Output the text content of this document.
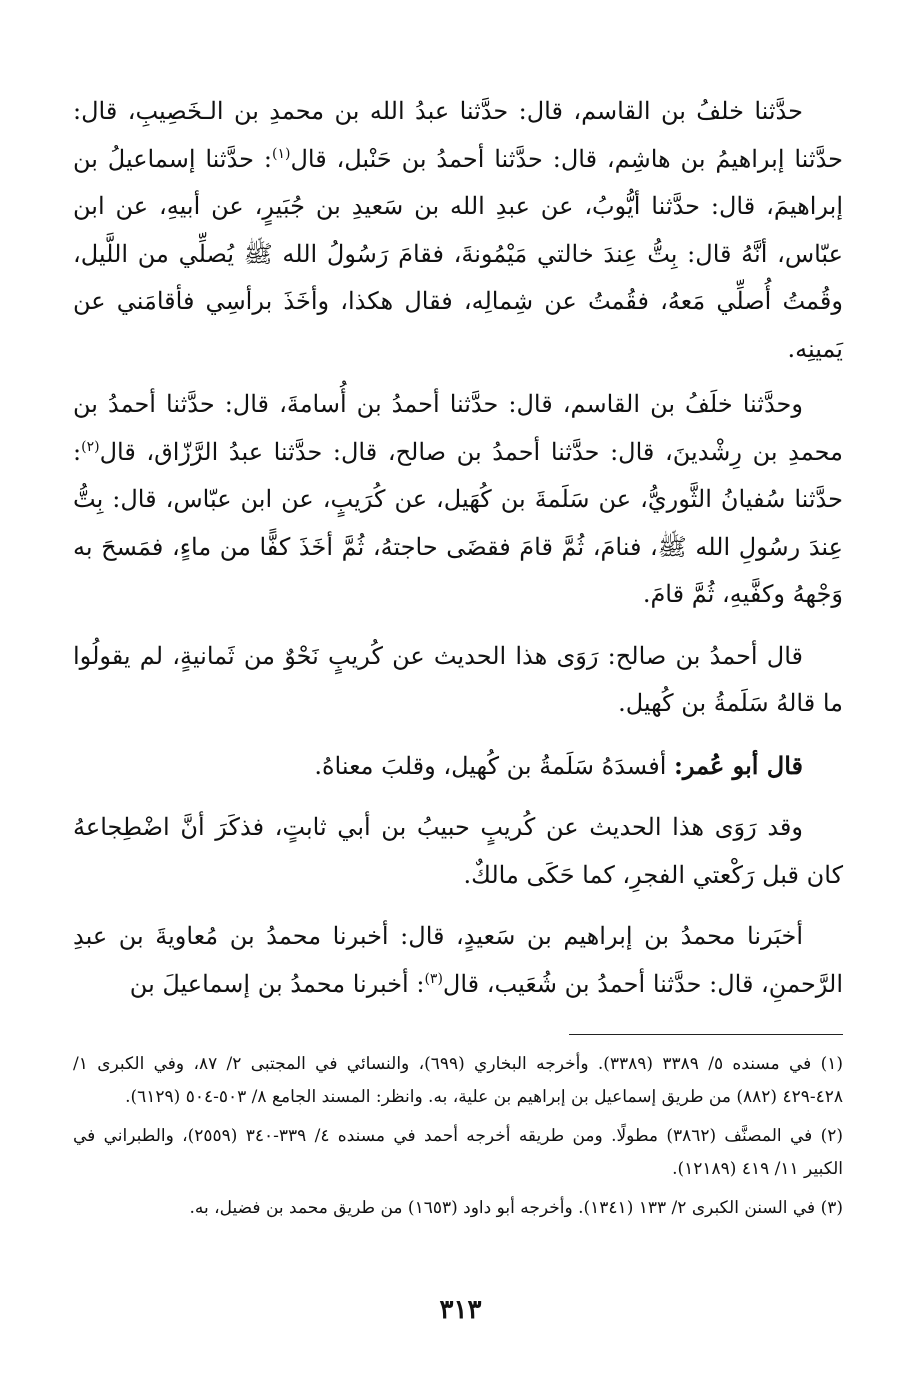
حدَّثنا خلفُ بن القاسم، قال: حدَّثنا عبدُ الله بن محمدِ بن الـخَصِيبِ، قال: حدَّثنا إبراهيمُ بن هاشِم، قال: حدَّثنا أحمدُ بن حَنْبل، قال$^{(١)}$: حدَّثنا إسماعيلُ بن إبراهيمَ، قال: حدَّثنا أيُّوبُ، عن عبدِ الله بن سَعيدِ بن جُبَيرٍ، عن أبيهِ، عن ابن عبّاس، أنَّهُ قال: بِتُّ عِندَ خالتي مَيْمُونةَ، فقامَ رَسُولُ الله ﷺ يُصلِّي من اللَّيل، وقُمتُ أُصلِّي مَعهُ، فقُمتُ عن شِمالِه، فقال هكذا، وأخَذَ برأسِي فأقامَني عن يَمينِه.

وحدَّثنا خلَفُ بن القاسم، قال: حدَّثنا أحمدُ بن أُسامةَ، قال: حدَّثنا أحمدُ بن محمدِ بن رِشْدينَ، قال: حدَّثنا أحمدُ بن صالح، قال: حدَّثنا عبدُ الرَّزّاق، قال$^{(٢)}$: حدَّثنا سُفيانُ الثَّوريُّ، عن سَلَمةَ بن كُهَيل، عن كُرَيبٍ، عن ابن عبّاس، قال: بِتُّ عِندَ رسُولِ الله ﷺ، فنامَ، ثُمَّ قامَ فقضَى حاجتهُ، ثُمَّ أخَذَ كفًّا من ماءٍ، فمَسحَ به وَجْههُ وكفَّيهِ، ثُمَّ قامَ.

قال أحمدُ بن صالح: رَوَى هذا الحديث عن كُريبٍ نَحْوٌ من ثَمانيةٍ، لم يقولُوا ما قالهُ سَلَمةُ بن كُهيل.

قال أبو عُمر: أفسدَهُ سَلَمةُ بن كُهيل، وقلبَ معناهُ.

وقد رَوَى هذا الحديث عن كُريبٍ حبيبُ بن أبي ثابتٍ، فذكَرَ أنَّ اضْطِجاعهُ كان قبل رَكْعتي الفجرِ، كما حَكَى مالكٌ.

أخبَرنا محمدُ بن إبراهيم بن سَعيدٍ، قال: أخبرنا محمدُ بن مُعاويةَ بن عبدِ الرَّحمنِ، قال: حدَّثنا أحمدُ بن شُعَيب، قال$^{(٣)}$: أخبرنا محمدُ بن إسماعيلَ بن

(١) في مسنده ٥/ ٣٣٨٩ (٣٣٨٩). وأخرجه البخاري (٦٩٩)، والنسائي في المجتبى ٢/ ٨٧، وفي الكبرى ١/ ٤٢٨-٤٢٩ (٨٨٢) من طريق إسماعيل بن إبراهيم بن علية، به. وانظر: المسند الجامع ٨/ ٥٠٣-٥٠٤ (٦١٢٩).

(٢) في المصنَّف (٣٨٦٢) مطولًا. ومن طريقه أخرجه أحمد في مسنده ٤/ ٣٣٩-٣٤٠ (٢٥٥٩)، والطبراني في الكبير ١١/ ٤١٩ (١٢١٨٩).

(٣) في السنن الكبرى ٢/ ١٣٣ (١٣٤١). وأخرجه أبو داود (١٦٥٣) من طريق محمد بن فضيل، به.

٣١٣
